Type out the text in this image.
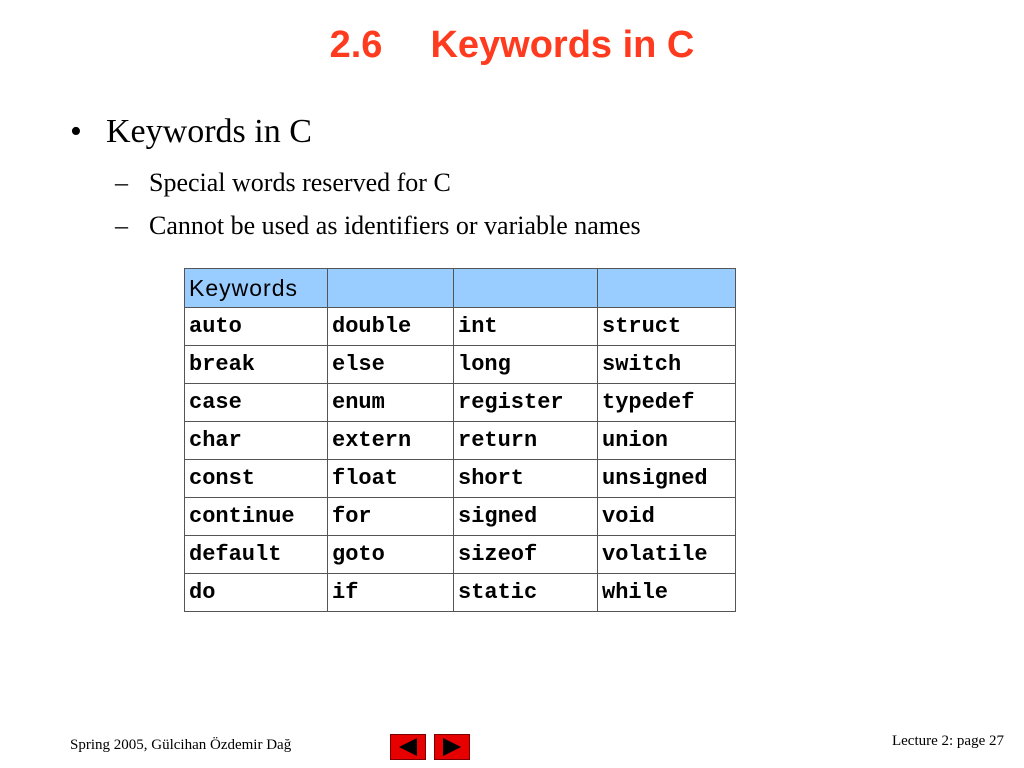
2.6 Keywords in C
• Keywords in C
– Special words reserved for C
– Cannot be used as identifiers or variable names
Keywords			
auto	double	int	struct
break	else	long	switch
case	enum	register	typedef
char	extern	return	union
const	float	short	unsigned
continue	for	signed	void
default	goto	sizeof	volatile
do	if	static	while
Spring 2005, Gülcihan Özdemir Dağ	Lecture 2: page 27
